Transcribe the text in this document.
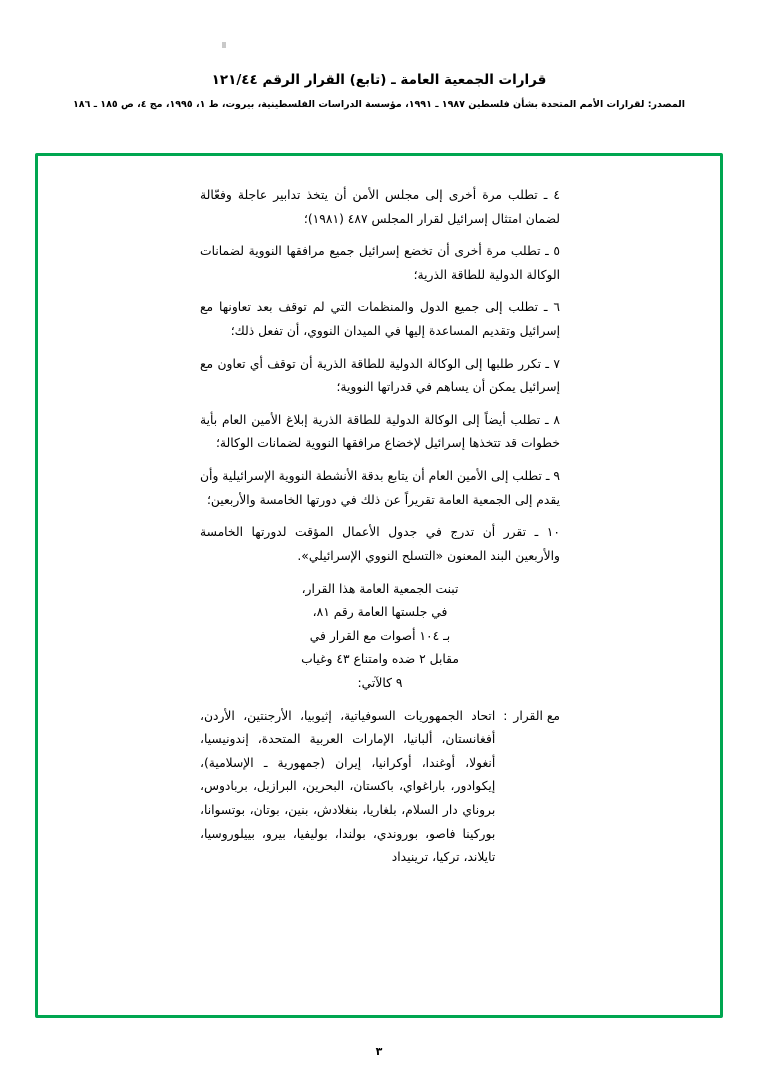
قرارات الجمعية العامة ـ (تابع) القرار الرقم ١٢١/٤٤
المصدر: لقرارات الأمم المتحدة بشأن فلسطين ١٩٨٧ ـ ١٩٩١، مؤسسة الدراسات الفلسطينية، بيروت، ط ١، ١٩٩٥، مج ٤، ص ١٨٥ ـ ١٨٦

٤ ـ تطلب مرة أخرى إلى مجلس الأمن أن يتخذ تدابير عاجلة وفعّالة لضمان امتثال إسرائيل لقرار المجلس ٤٨٧ (١٩٨١)؛

٥ ـ تطلب مرة أخرى أن تخضع إسرائيل جميع مرافقها النووية لضمانات الوكالة الدولية للطاقة الذرية؛

٦ ـ تطلب إلى جميع الدول والمنظمات التي لم توقف بعد تعاونها مع إسرائيل وتقديم المساعدة إليها في الميدان النووي، أن تفعل ذلك؛

٧ ـ تكرر طلبها إلى الوكالة الدولية للطاقة الذرية أن توقف أي تعاون مع إسرائيل يمكن أن يساهم في قدراتها النووية؛

٨ ـ تطلب أيضاً إلى الوكالة الدولية للطاقة الذرية إبلاغ الأمين العام بأية خطوات قد تتخذها إسرائيل لإخضاع مرافقها النووية لضمانات الوكالة؛

٩ ـ تطلب إلى الأمين العام أن يتابع بدقة الأنشطة النووية الإسرائيلية وأن يقدم إلى الجمعية العامة تقريراً عن ذلك في دورتها الخامسة والأربعين؛

١٠ ـ تقرر أن تدرج في جدول الأعمال المؤقت لدورتها الخامسة والأربعين البند المعنون «التسلح النووي الإسرائيلي».

تبنت الجمعية العامة هذا القرار،
في جلستها العامة رقم ٨١،
بـ ١٠٤ أصوات مع القرار في
مقابل ٢ ضده وامتناع ٤٣ وغياب
٩ كالآتي:
مع القرار
:
اتحاد الجمهوريات السوفياتية، إثيوبيا، الأرجنتين، الأردن، أفغانستان، ألبانيا، الإمارات العربية المتحدة، إندونيسيا، أنغولا، أوغندا، أوكرانيا، إيران (جمهورية ـ الإسلامية)، إيكوادور، باراغواي، باكستان، البحرين، البرازيل، بربادوس، بروناي دار السلام، بلغاريا، بنغلادش، بنين، بوتان، بوتسوانا، بوركينا فاصو، بوروندي، بولندا، بوليفيا، بيرو، بييلوروسيا، تايلاند، تركيا، ترينيداد
٣
